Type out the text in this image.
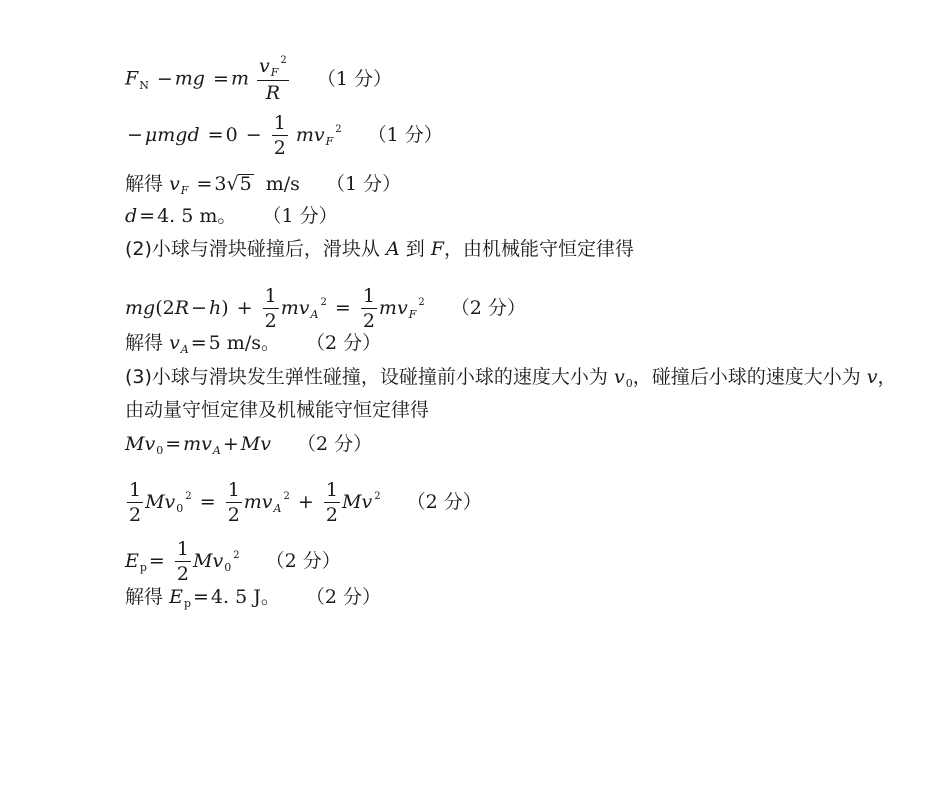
$F_N$ − mg = m $\frac{v_F^2}{R} (1$ 分）
− $\mu mgd = 0 - \frac{1}{2} mv_F^2$ （1 分）
解得 $v_F = 3√5$ m/s （1 分）
d = 4. 5 m。 （1 分）
(2)小球与滑块碰撞后，滑块从 A 到 F，由机械能守恒定律得
$mg(2R - h) + \frac{1}{2} mv_A^2 = \frac{1}{2} mv_F^2$ （2 分）
解得 $v_A = 5$ m/s。 （2 分）
(3)小球与滑块发生弹性碰撞，设碰撞前小球的速度大小为 $v_0$，碰撞后小球的速度大小为 v，
由动量守恒定律及机械能守恒定律得
$Mv_0 = mv_A + Mv$ （2 分）
$\frac{1}{2} Mv_0^2 = \frac{1}{2} mv_A^2 + \frac{1}{2}$ Mv $^2$ （2 分）
$E_p = \frac{1}{2} Mv_0^2$ （2 分）
解得 $E_p = 4$. 5 J。 （2 分）
